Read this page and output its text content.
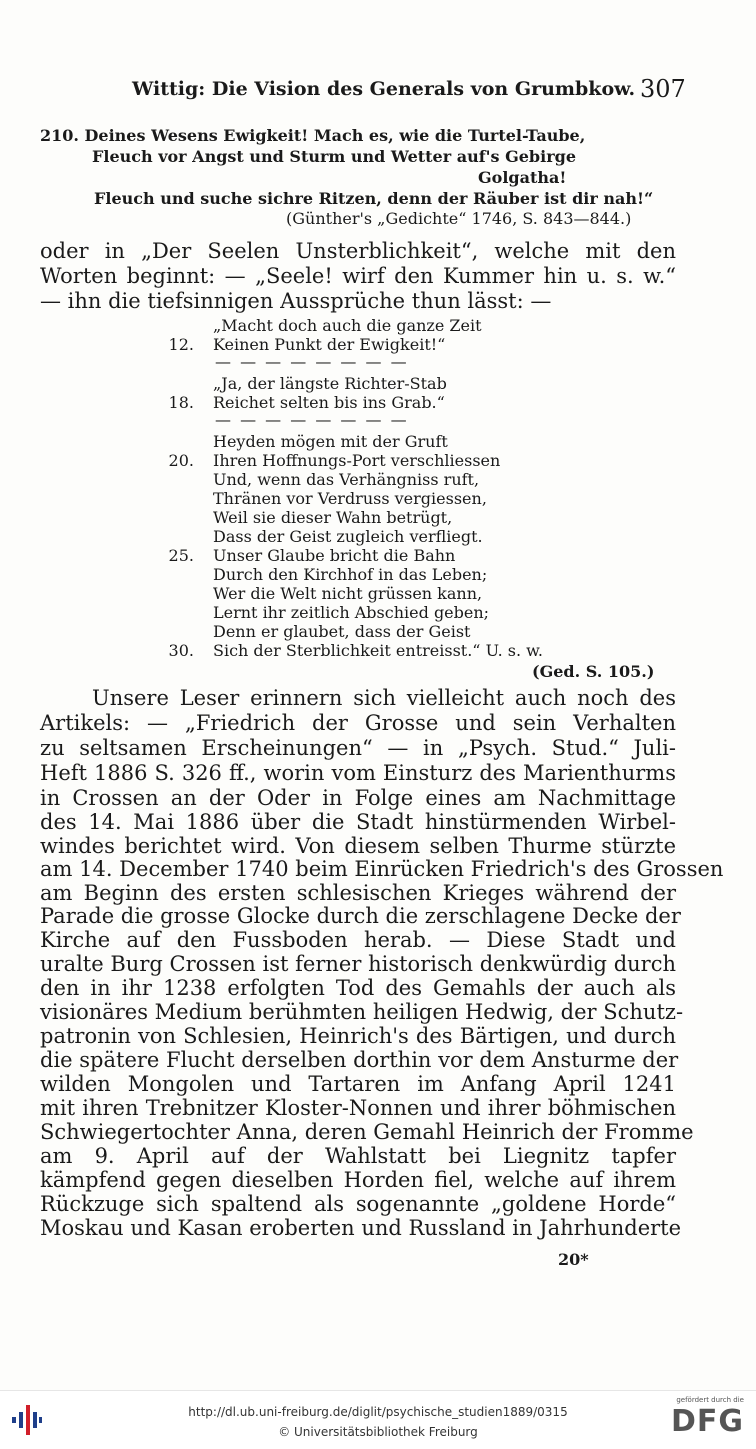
Wittig: Die Vision des Generals von Grumbkow. 307
210. Deines Wesens Ewigkeit! Mach es, wie die Turtel-Taube,
Fleuch vor Angst und Sturm und Wetter auf's Gebirge
Golgatha!
Fleuch und suche sichre Ritzen, denn der Räuber ist dir nah!“
(Günther's „Gedichte“ 1746, S. 843—844.)
oder in „Der Seelen Unsterblichkeit“, welche mit den
Worten beginnt: — „Seele! wirf den Kummer hin u. s. w.“
— ihn die tiefsinnigen Aussprüche thun lässt: —
„Macht doch auch die ganze Zeit
12. Keinen Punkt der Ewigkeit!“
— — — — — — — —
„Ja, der längste Richter-Stab
18. Reichet selten bis ins Grab.“
— — — — — — — —
Heyden mögen mit der Gruft
20. Ihren Hoffnungs-Port verschliessen
Und, wenn das Verhängniss ruft,
Thränen vor Verdruss vergiessen,
Weil sie dieser Wahn betrügt,
Dass der Geist zugleich verfliegt.
25. Unser Glaube bricht die Bahn
Durch den Kirchhof in das Leben;
Wer die Welt nicht grüssen kann,
Lernt ihr zeitlich Abschied geben;
Denn er glaubet, dass der Geist
30. Sich der Sterblichkeit entreisst.“ U. s. w.
(Ged. S. 105.)
Unsere Leser erinnern sich vielleicht auch noch des
Artikels: — „Friedrich der Grosse und sein Verhalten
zu seltsamen Erscheinungen“ — in „Psych. Stud.“ Juli-
Heft 1886 S. 326 ff., worin vom Einsturz des Marienthurms
in Crossen an der Oder in Folge eines am Nachmittage
des 14. Mai 1886 über die Stadt hinstürmenden Wirbel-
windes berichtet wird. Von diesem selben Thurme stürzte
am 14. December 1740 beim Einrücken Friedrich's des Grossen
am Beginn des ersten schlesischen Krieges während der
Parade die grosse Glocke durch die zerschlagene Decke der
Kirche auf den Fussboden herab. — Diese Stadt und
uralte Burg Crossen ist ferner historisch denkwürdig durch
den in ihr 1238 erfolgten Tod des Gemahls der auch als
visionäres Medium berühmten heiligen Hedwig, der Schutz-
patronin von Schlesien, Heinrich's des Bärtigen, und durch
die spätere Flucht derselben dorthin vor dem Ansturme der
wilden Mongolen und Tartaren im Anfang April 1241
mit ihren Trebnitzer Kloster-Nonnen und ihrer böhmischen
Schwiegertochter Anna, deren Gemahl Heinrich der Fromme
am 9. April auf der Wahlstatt bei Liegnitz tapfer
kämpfend gegen dieselben Horden fiel, welche auf ihrem
Rückzuge sich spaltend als sogenannte „goldene Horde“
Moskau und Kasan eroberten und Russland in Jahrhunderte
20*
http://dl.ub.uni-freiburg.de/diglit/psychische_studien1889/0315
© Universitätsbibliothek Freiburg
gefördert durch die
DFG
